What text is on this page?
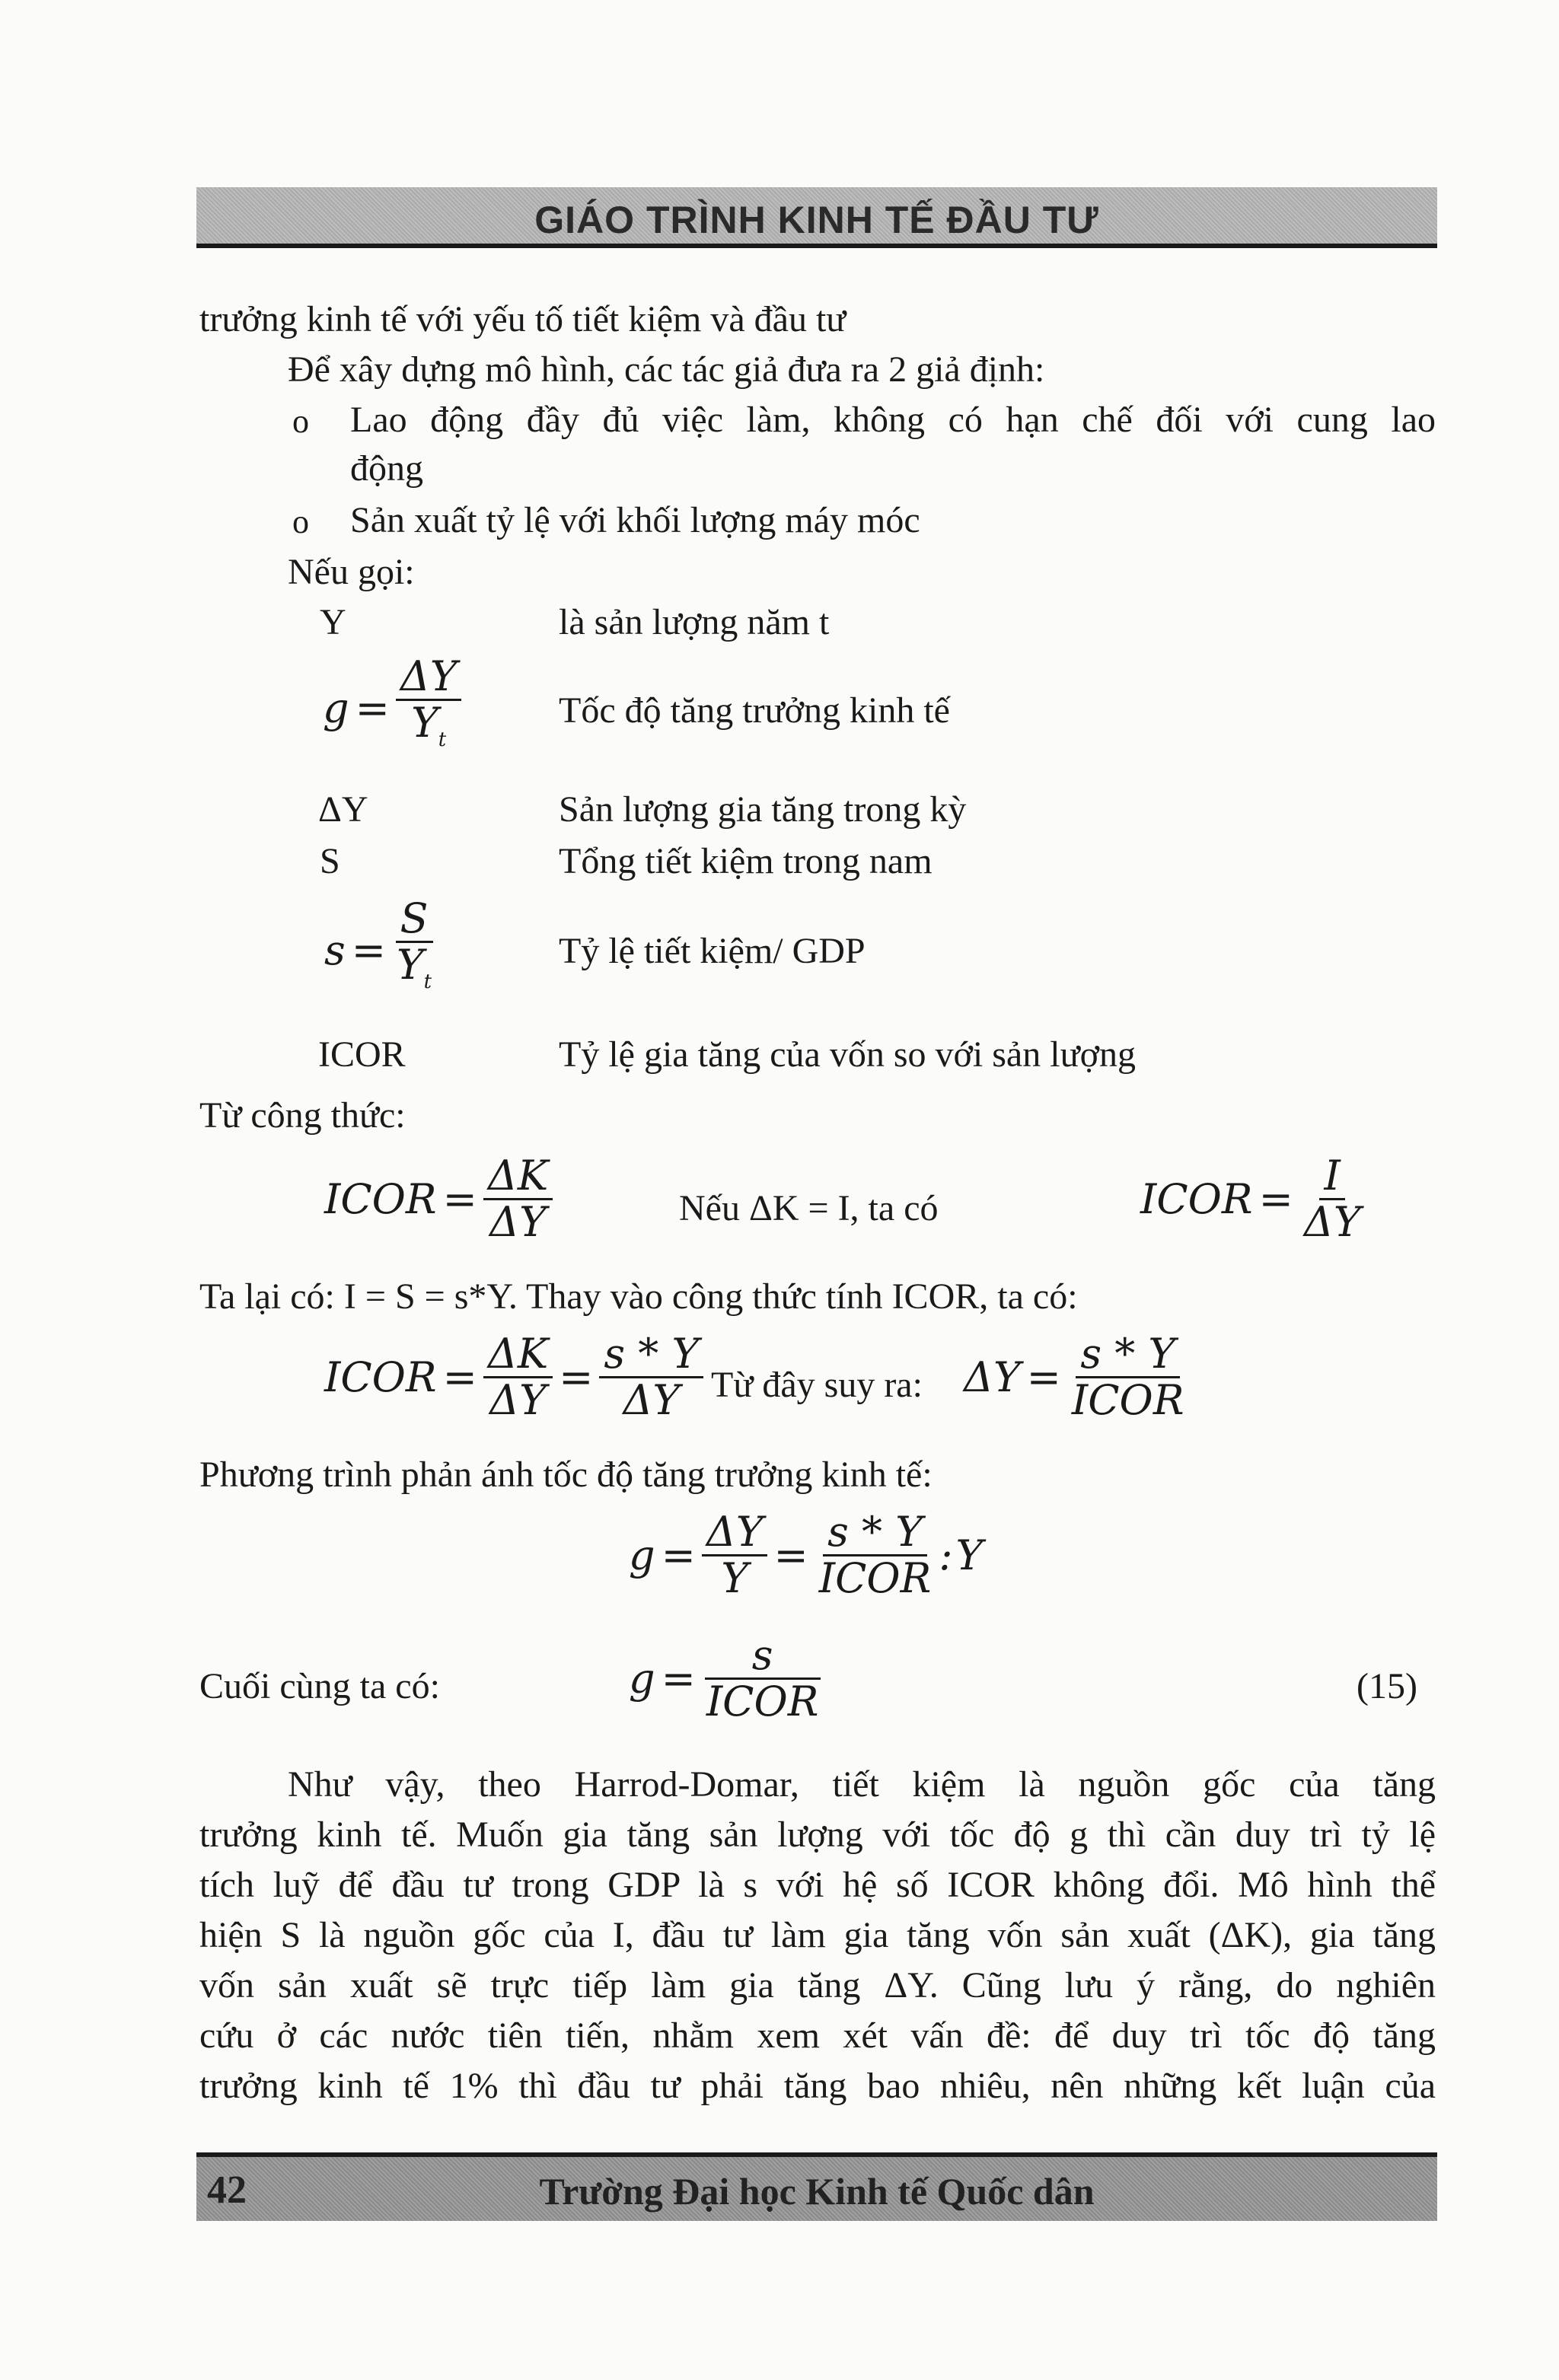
GIÁO TRÌNH KINH TẾ ĐẦU TƯ
trưởng kinh tế với yếu tố tiết kiệm và đầu tư
Để xây dựng mô hình, các tác giả đưa ra 2 giả định:
o Lao động đầy đủ việc làm, không có hạn chế đối với cung lao
động
o Sản xuất tỷ lệ với khối lượng máy móc
Nếu gọi:
Y	là sản lượng năm t
$g = \frac{\Delta Y}{Y_t}$	Tốc độ tăng trưởng kinh tế
ΔY	Sản lượng gia tăng trong kỳ
S	Tổng tiết kiệm trong nam
$s = \frac{S}{Y_t}$	Tỷ lệ tiết kiệm/ GDP
ICOR	Tỷ lệ gia tăng của vốn so với sản lượng
Từ công thức:
ICOR = $\frac{\Delta K}{\Delta Y}$	Nếu ΔK = I, ta có	ICOR = $\frac{I}{\Delta Y}$
Ta lại có: I = S = s*Y. Thay vào công thức tính ICOR, ta có:
ICOR = $\frac{\Delta K}{\Delta Y} = \frac{s * Y}{\Delta Y}$ Từ đây suy ra: $\Delta Y = \frac{s * Y}{\text{ICOR}}$
Phương trình phản ánh tốc độ tăng trưởng kinh tế:
$g = \frac{\Delta Y}{Y} = \frac{s * Y}{\text{ICOR}}$ : Y
Cuối cùng ta có:	$g = \frac{s}{\text{ICOR}}$	(15)

Như vậy, theo Harrod-Domar, tiết kiệm là nguồn gốc của tăng

trưởng kinh tế. Muốn gia tăng sản lượng với tốc độ g thì cần duy trì tỷ lệ

tích luỹ để đầu tư trong GDP là s với hệ số ICOR không đổi. Mô hình thể

hiện S là nguồn gốc của I, đầu tư làm gia tăng vốn sản xuất (ΔK), gia tăng

vốn sản xuất sẽ trực tiếp làm gia tăng ΔY. Cũng lưu ý rằng, do nghiên

cứu ở các nước tiên tiến, nhằm xem xét vấn đề: để duy trì tốc độ tăng

trưởng kinh tế 1% thì đầu tư phải tăng bao nhiêu, nên những kết luận của

42	Trường Đại học Kinh tế Quốc dân
